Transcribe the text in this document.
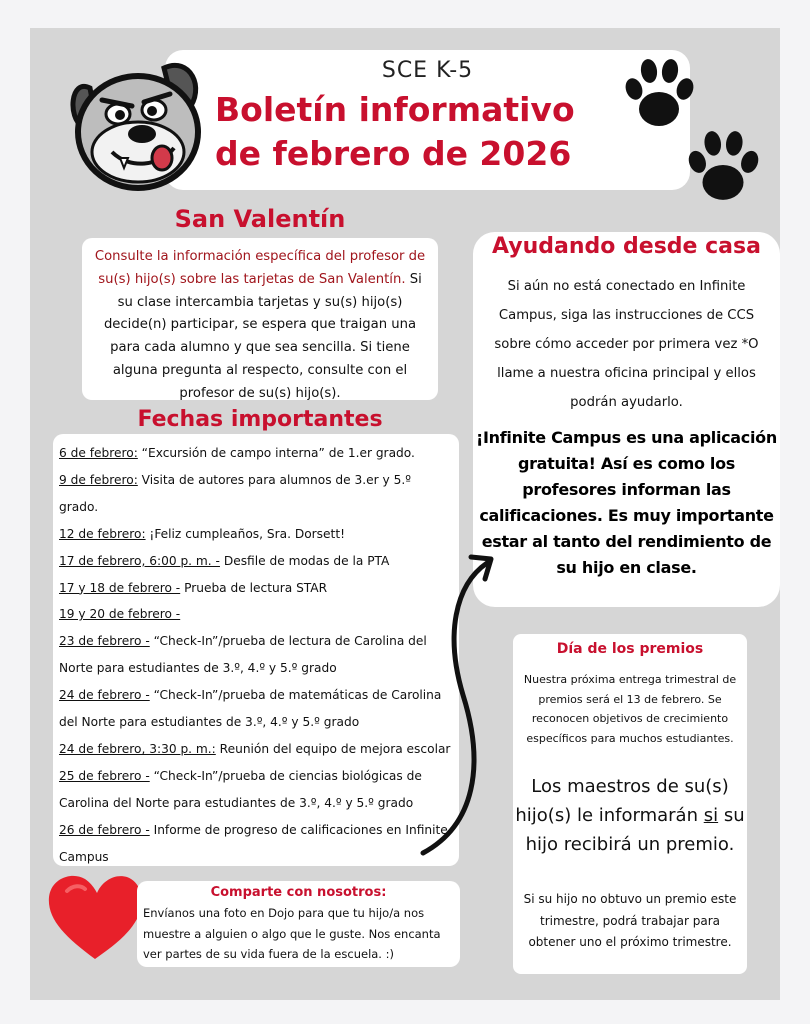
SCE K-5
Boletín informativo
de febrero de 2026
San Valentín
Consulte la información específica del profesor de su(s) hijo(s) sobre las tarjetas de San Valentín. Si su clase intercambia tarjetas y su(s) hijo(s) decide(n) participar, se espera que traigan una para cada alumno y que sea sencilla. Si tiene alguna pregunta al respecto, consulte con el profesor de su(s) hijo(s).
Fechas importantes
6 de febrero: “Excursión de campo interna” de 1.er grado.
9 de febrero: Visita de autores para alumnos de 3.er y 5.º grado.
12 de febrero: ¡Feliz cumpleaños, Sra. Dorsett!
17 de febrero, 6:00 p. m. - Desfile de modas de la PTA
17 y 18 de febrero - Prueba de lectura STAR
19 y 20 de febrero -
23 de febrero - “Check-In”/prueba de lectura de Carolina del Norte para estudiantes de 3.º, 4.º y 5.º grado
24 de febrero - “Check-In”/prueba de matemáticas de Carolina del Norte para estudiantes de 3.º, 4.º y 5.º grado
24 de febrero, 3:30 p. m.: Reunión del equipo de mejora escolar
25 de febrero - “Check-In”/prueba de ciencias biológicas de Carolina del Norte para estudiantes de 3.º, 4.º y 5.º grado
26 de febrero - Informe de progreso de calificaciones en Infinite Campus
Ayudando desde casa
Si aún no está conectado en Infinite Campus, siga las instrucciones de CCS sobre cómo acceder por primera vez *O llame a nuestra oficina principal y ellos podrán ayudarlo.
¡Infinite Campus es una aplicación gratuita! Así es como los profesores informan las calificaciones. Es muy importante estar al tanto del rendimiento de su hijo en clase.
Día de los premios
Nuestra próxima entrega trimestral de premios será el 13 de febrero. Se reconocen objetivos de crecimiento específicos para muchos estudiantes.
Los maestros de su(s) hijo(s) le informarán si su hijo recibirá un premio.
Si su hijo no obtuvo un premio este trimestre, podrá trabajar para obtener uno el próximo trimestre.
Comparte con nosotros:
Envíanos una foto en Dojo para que tu hijo/a nos muestre a alguien o algo que le guste. Nos encanta ver partes de su vida fuera de la escuela. :)
